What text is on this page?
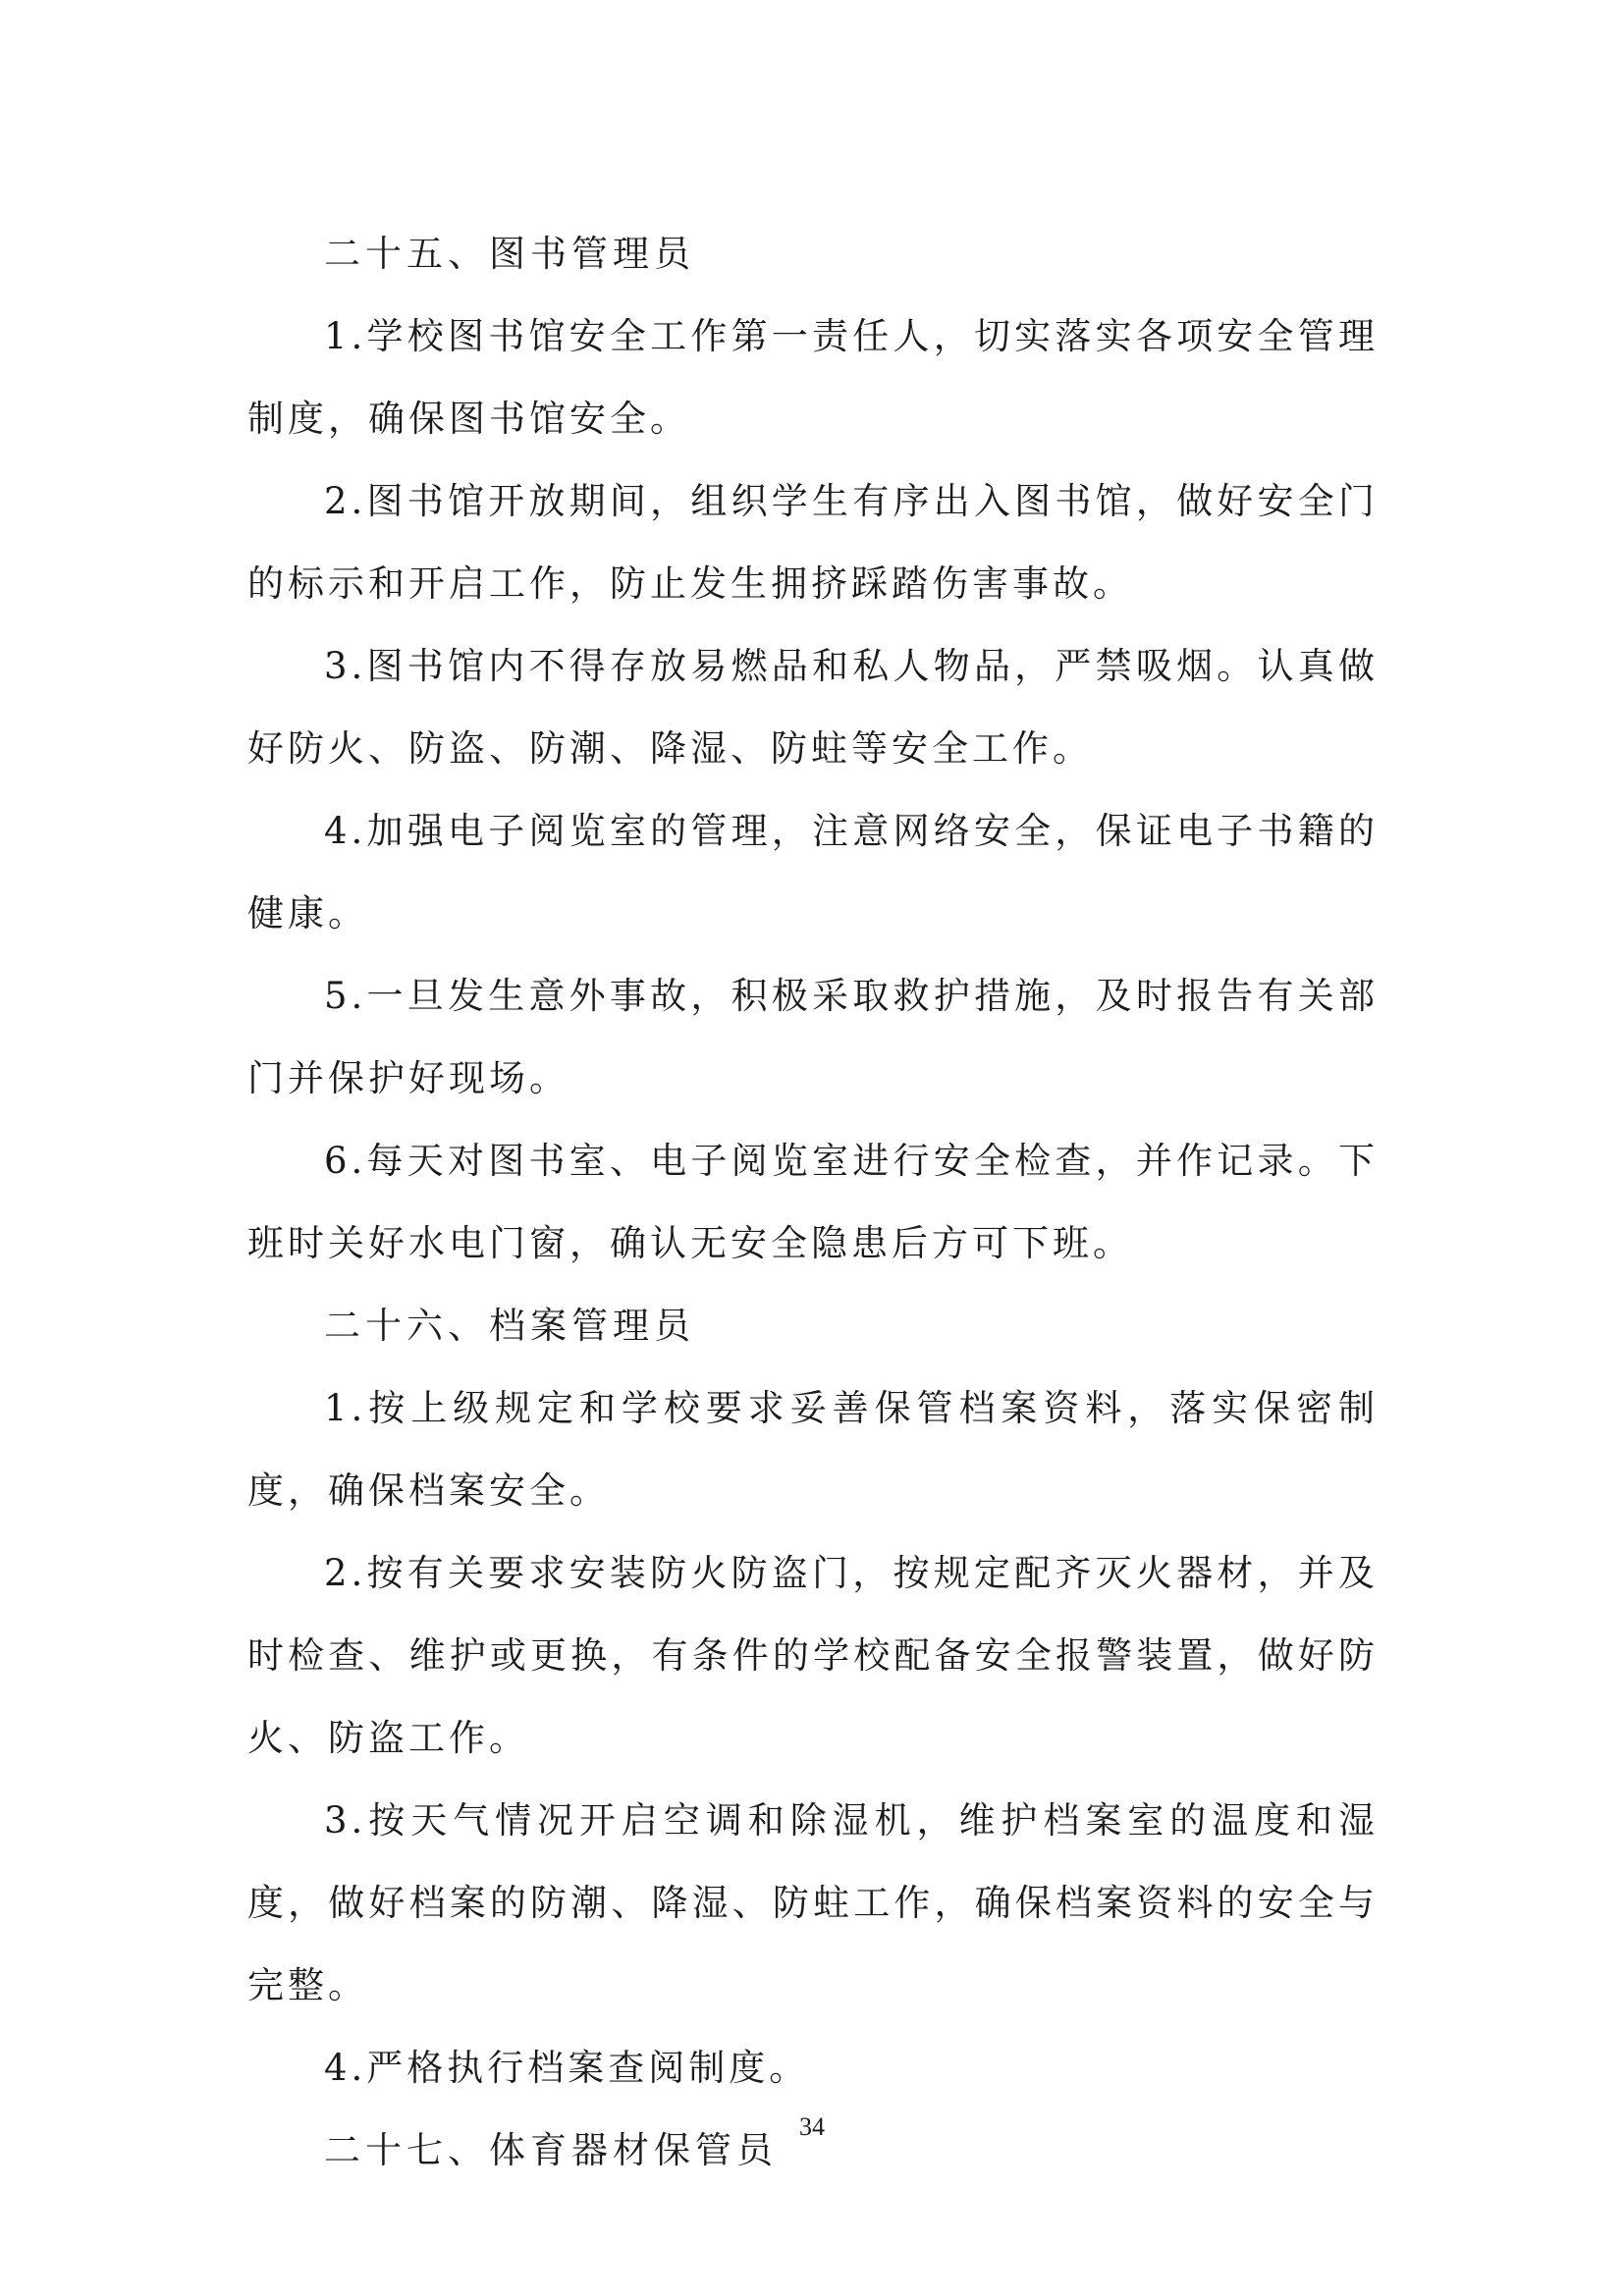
二十五、图书管理员

1.学校图书馆安全工作第一责任人，切实落实各项安全管理制度，确保图书馆安全。

2.图书馆开放期间，组织学生有序出入图书馆，做好安全门的标示和开启工作，防止发生拥挤踩踏伤害事故。

3.图书馆内不得存放易燃品和私人物品，严禁吸烟。认真做好防火、防盗、防潮、降湿、防蛀等安全工作。

4.加强电子阅览室的管理，注意网络安全，保证电子书籍的健康。

5.一旦发生意外事故，积极采取救护措施，及时报告有关部门并保护好现场。

6.每天对图书室、电子阅览室进行安全检查，并作记录。下班时关好水电门窗，确认无安全隐患后方可下班。

二十六、档案管理员

1.按上级规定和学校要求妥善保管档案资料，落实保密制度，确保档案安全。

2.按有关要求安装防火防盗门，按规定配齐灭火器材，并及时检查、维护或更换，有条件的学校配备安全报警装置，做好防火、防盗工作。

3.按天气情况开启空调和除湿机，维护档案室的温度和湿度，做好档案的防潮、降湿、防蛀工作，确保档案资料的安全与完整。

4.严格执行档案查阅制度。

二十七、体育器材保管员

34
